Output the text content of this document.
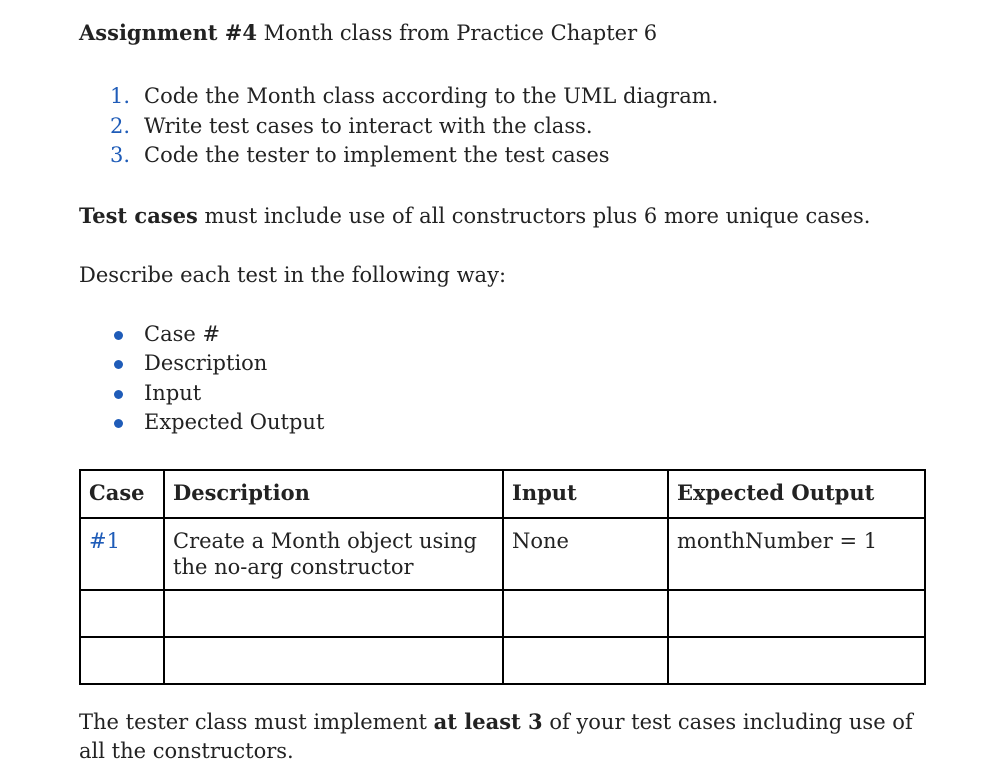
Assignment #4 Month class from Practice Chapter 6
1. Code the Month class according to the UML diagram.
2. Write test cases to interact with the class.
3. Code the tester to implement the test cases
Test cases must include use of all constructors plus 6 more unique cases.
Describe each test in the following way:
Case #
Description
Input
Expected Output
Case	Description	Input	Expected Output
#1	Create a Month object using the no-arg constructor	None	monthNumber = 1

The tester class must implement at least 3 of your test cases including use of all the constructors.
